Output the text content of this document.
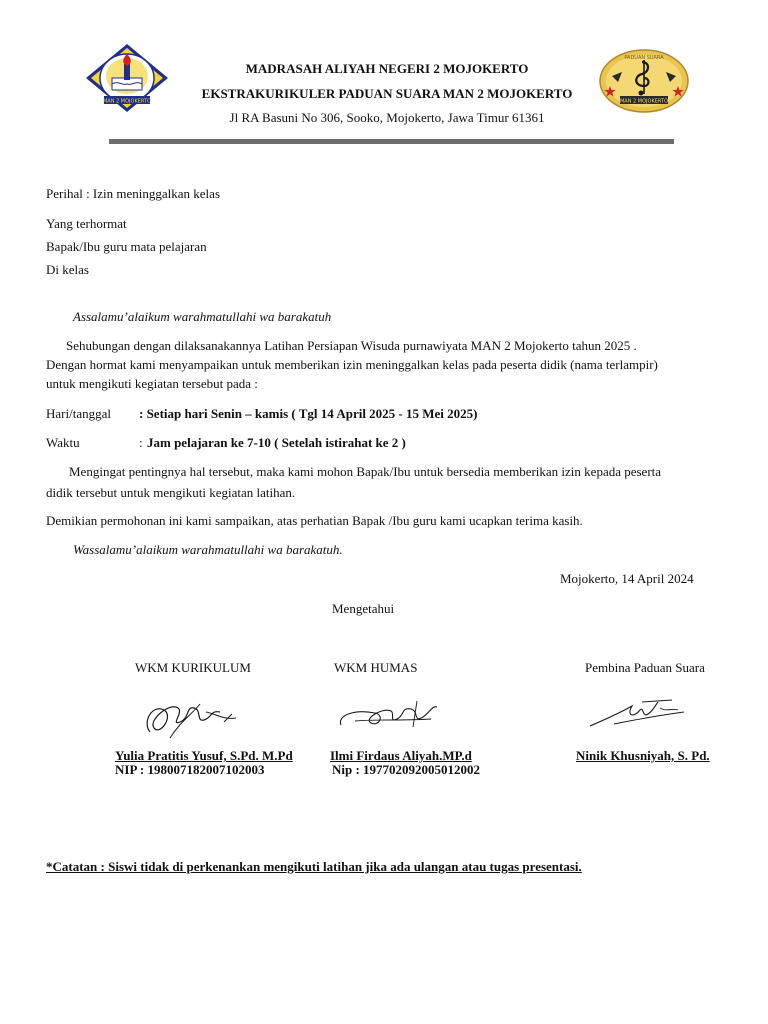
MAN 2 MOJOKERTO
PADUAN SUARA
MAN 2 MOJOKERTO
MADRASAH ALIYAH NEGERI 2 MOJOKERTO
EKSTRAKURIKULER PADUAN SUARA MAN 2 MOJOKERTO
Jl RA Basuni No 306, Sooko, Mojokerto, Jawa Timur 61361
Perihal : Izin meninggalkan kelas
Yang terhormat
Bapak/Ibu guru mata pelajaran
Di kelas
Assalamu’alaikum warahmatullahi wa barakatuh
Sehubungan dengan dilaksanakannya Latihan Persiapan Wisuda purnawiyata MAN 2 Mojokerto tahun 2025 .
Dengan hormat kami menyampaikan untuk memberikan izin meninggalkan kelas pada peserta didik (nama terlampir)
untuk mengikuti kegiatan tersebut pada :
Hari/tanggal : Setiap hari Senin – kamis ( Tgl 14 April 2025 - 15 Mei 2025)
Waktu	: Jam pelajaran ke 7-10 ( Setelah istirahat ke 2 )
Mengingat pentingnya hal tersebut, maka kami mohon Bapak/Ibu untuk bersedia memberikan izin kepada peserta
didik tersebut untuk mengikuti kegiatan latihan.
Demikian permohonan ini kami sampaikan, atas perhatian Bapak /Ibu guru kami ucapkan terima kasih.
Wassalamu’alaikum warahmatullahi wa barakatuh.
Mojokerto, 14 April 2024
Mengetahui
WKM KURIKULUM	WKM HUMAS	Pembina Paduan Suara
Yulia Pratitis Yusuf, S.Pd. M.Pd	Ilmi Firdaus Aliyah.MP.d	Ninik Khusniyah, S. Pd.
NIP : 198007182007102003	Nip : 197702092005012002
*Catatan : Siswi tidak di perkenankan mengikuti latihan jika ada ulangan atau tugas presentasi.
